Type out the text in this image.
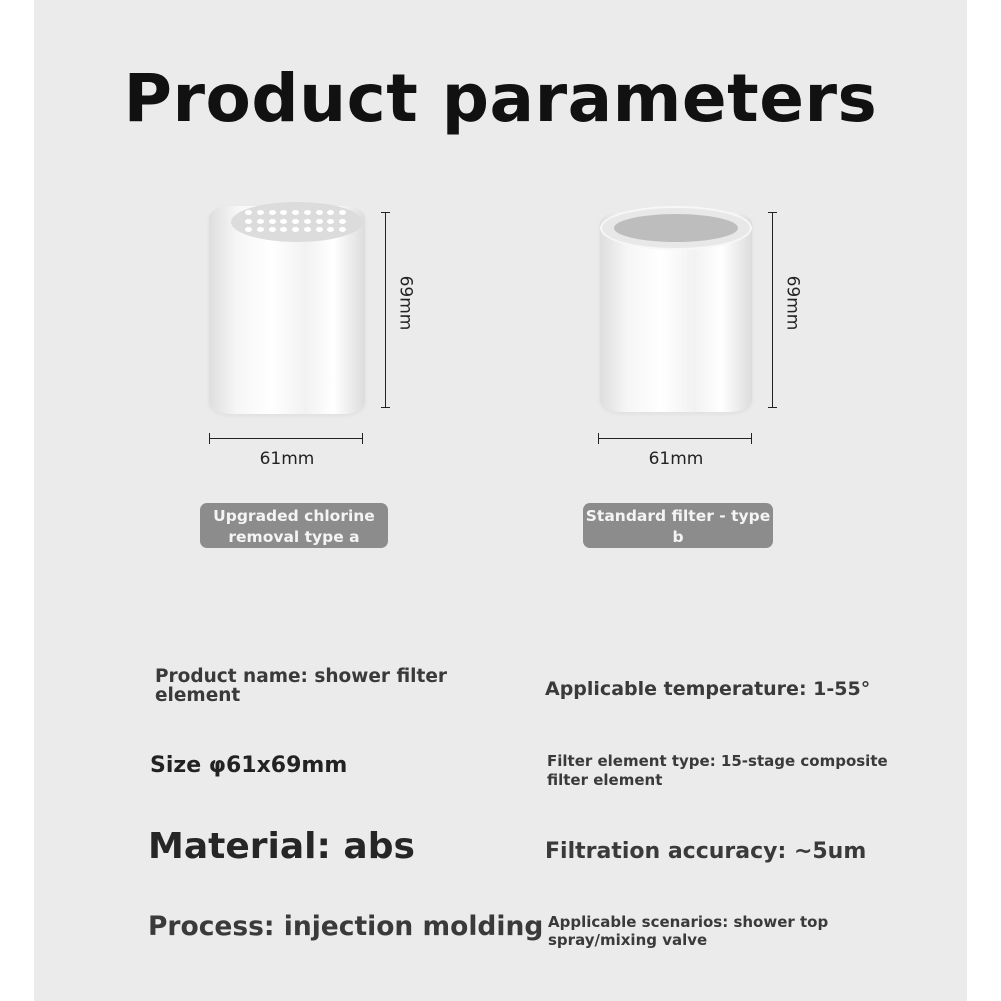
Product parameters
69mm
61mm
Upgraded chlorine removal type a
69mm
61mm
Standard filter - type b
Product name: shower filter element	Applicable temperature: 1-55°
Size φ61x69mm	Filter element type: 15-stage composite filter element
Material: abs	Filtration accuracy: ~5um
Process: injection molding Applicable scenarios: shower top spray/mixing valve
